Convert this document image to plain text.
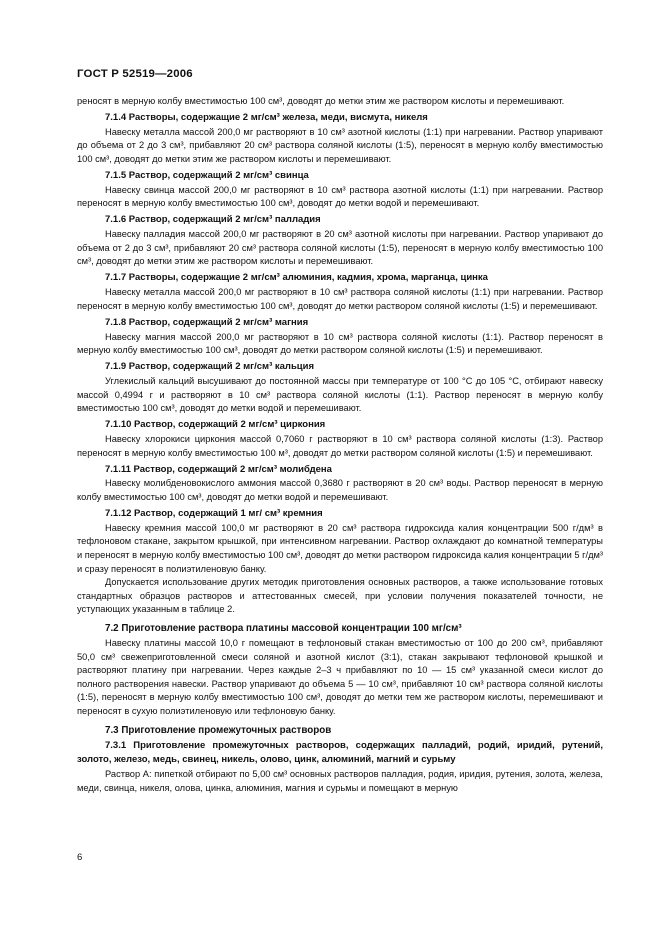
ГОСТ Р 52519—2006

реносят в мерную колбу вместимостью 100 см³, доводят до метки этим же раствором кислоты и перемешивают.

7.1.4 Растворы, содержащие 2 мг/см³ железа, меди, висмута, никеля

Навеску металла массой 200,0 мг растворяют в 10 см³ азотной кислоты (1:1) при нагревании. Раствор упаривают до объема от 2 до 3 см³, прибавляют 20 см³ раствора соляной кислоты (1:5), переносят в мерную колбу вместимостью 100 см³, доводят до метки этим же раствором кислоты и перемешивают.

7.1.5 Раствор, содержащий 2 мг/см³ свинца

Навеску свинца массой 200,0 мг растворяют в 10 см³ раствора азотной кислоты (1:1) при нагревании. Раствор переносят в мерную колбу вместимостью 100 см³, доводят до метки водой и перемешивают.

7.1.6 Раствор, содержащий 2 мг/см³ палладия

Навеску палладия массой 200,0 мг растворяют в 20 см³ азотной кислоты при нагревании. Раствор упаривают до объема от 2 до 3 см³, прибавляют 20 см³ раствора соляной кислоты (1:5), переносят в мерную колбу вместимостью 100 см³, доводят до метки этим же раствором кислоты и перемешивают.

7.1.7 Растворы, содержащие 2 мг/см³ алюминия, кадмия, хрома, марганца, цинка

Навеску металла массой 200,0 мг растворяют в 10 см³ раствора соляной кислоты (1:1) при нагревании. Раствор переносят в мерную колбу вместимостью 100 см³, доводят до метки раствором соляной кислоты (1:5) и перемешивают.

7.1.8 Раствор, содержащий 2 мг/см³ магния

Навеску магния массой 200,0 мг растворяют в 10 см³ раствора соляной кислоты (1:1). Раствор переносят в мерную колбу вместимостью 100 см³, доводят до метки раствором соляной кислоты (1:5) и перемешивают.

7.1.9 Раствор, содержащий 2 мг/см³ кальция

Углекислый кальций высушивают до постоянной массы при температуре от 100 °С до 105 °С, отбирают навеску массой 0,4994 г и растворяют в 10 см³ раствора соляной кислоты (1:1). Раствор переносят в мерную колбу вместимостью 100 см³, доводят до метки водой и перемешивают.

7.1.10 Раствор, содержащий 2 мг/см³ циркония

Навеску хлорокиси циркония массой 0,7060 г растворяют в 10 см³ раствора соляной кислоты (1:3). Раствор переносят в мерную колбу вместимостью 100 м³, доводят до метки раствором соляной кислоты (1:5) и перемешивают.

7.1.11 Раствор, содержащий 2 мг/см³ молибдена

Навеску молибденовокислого аммония массой 0,3680 г растворяют в 20 см³ воды. Раствор переносят в мерную колбу вместимостью 100 см³, доводят до метки водой и перемешивают.

7.1.12 Раствор, содержащий 1 мг/ см³ кремния

Навеску кремния массой 100,0 мг растворяют в 20 см³ раствора гидроксида калия концентрации 500 г/дм³ в тефлоновом стакане, закрытом крышкой, при интенсивном нагревании. Раствор охлаждают до комнатной температуры и переносят в мерную колбу вместимостью 100 см³, доводят до метки раствором гидроксида калия концентрации 5 г/дм³ и сразу переносят в полиэтиленовую банку.

Допускается использование других методик приготовления основных растворов, а также использование готовых стандартных образцов растворов и аттестованных смесей, при условии получения показателей точности, не уступающих указанным в таблице 2.

7.2 Приготовление раствора платины массовой концентрации 100 мг/см³

Навеску платины массой 10,0 г помещают в тефлоновый стакан вместимостью от 100 до 200 см³, прибавляют 50,0 см³ свежеприготовленной смеси соляной и азотной кислот (3:1), стакан закрывают тефлоновой крышкой и растворяют платину при нагревании. Через каждые 2–3 ч прибавляют по 10 — 15 см³ указанной смеси кислот до полного растворения навески. Раствор упаривают до объема 5 — 10 см³, прибавляют 10 см³ раствора соляной кислоты (1:5), переносят в мерную колбу вместимостью 100 см³, доводят до метки тем же раствором кислоты, перемешивают и переносят в сухую полиэтиленовую или тефлоновую банку.

7.3 Приготовление промежуточных растворов
7.3.1 Приготовление промежуточных растворов, содержащих палладий, родий, иридий, рутений, золото, железо, медь, свинец, никель, олово, цинк, алюминий, магний и сурьму

Раствор А: пипеткой отбирают по 5,00 см³ основных растворов палладия, родия, иридия, рутения, золота, железа, меди, свинца, никеля, олова, цинка, алюминия, магния и сурьмы и помещают в мерную

6
